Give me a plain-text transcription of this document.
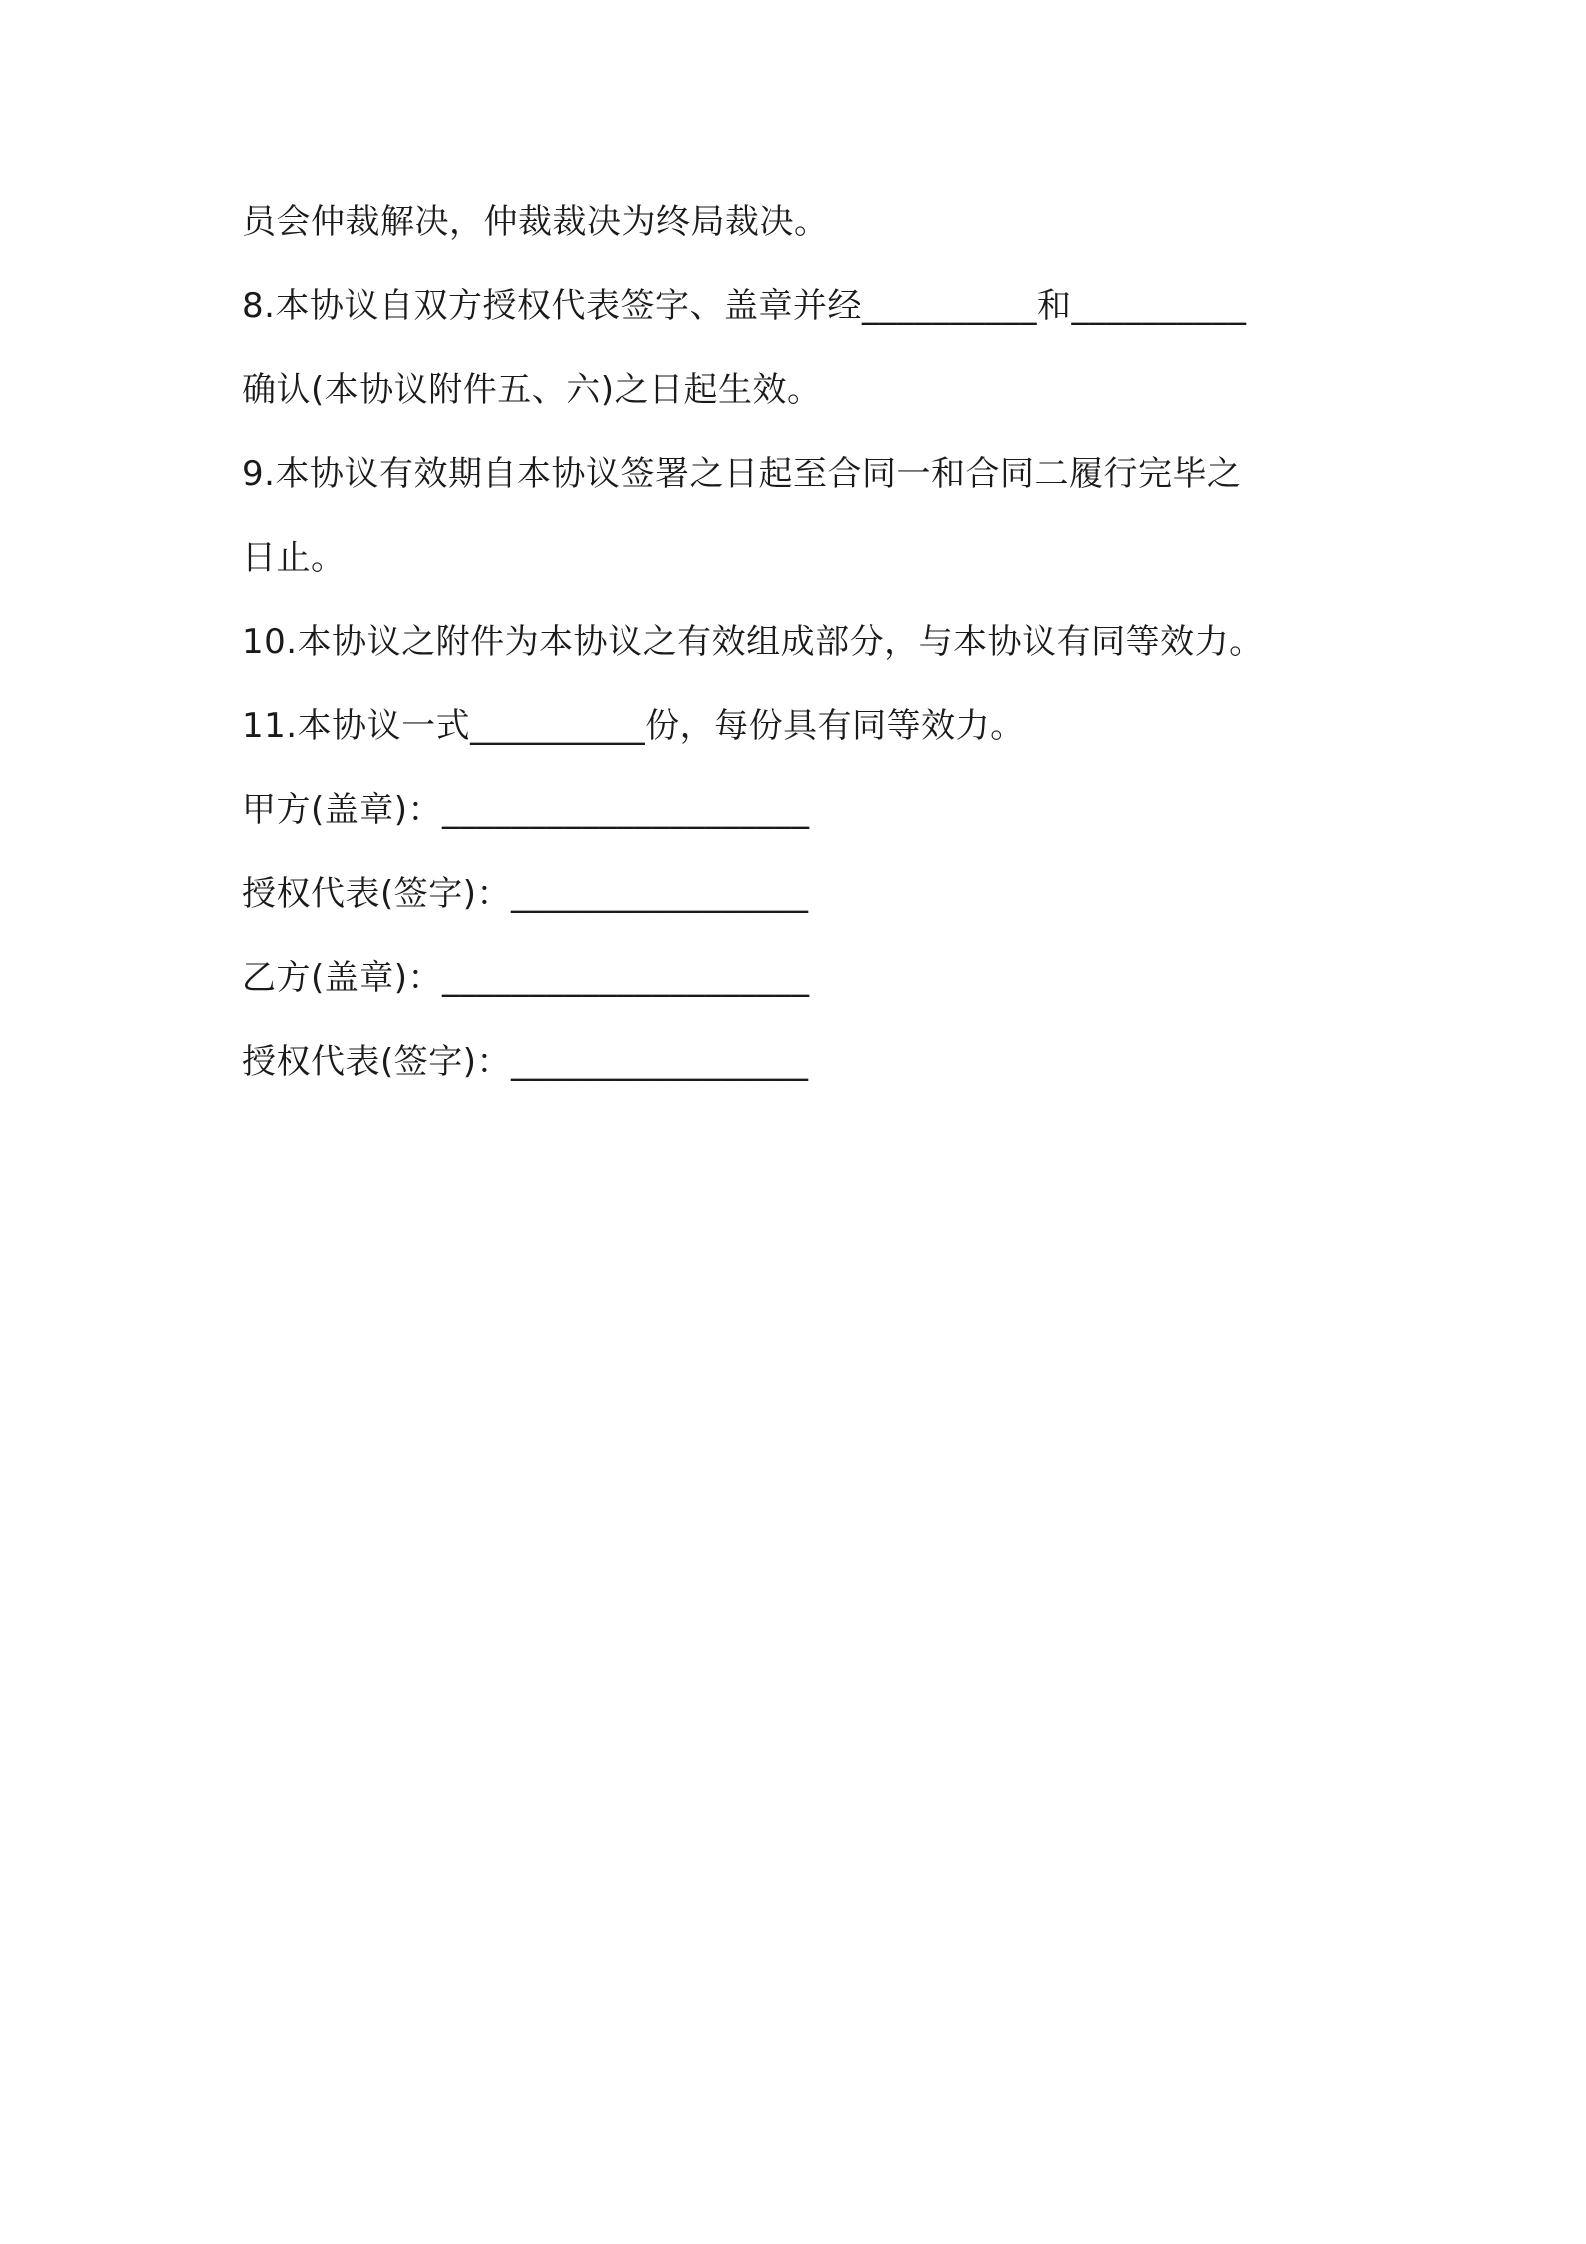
员会仲裁解决，仲裁裁决为终局裁决。
8.本协议自双方授权代表签字、盖章并经__________和__________
确认(本协议附件五、六)之日起生效。
9.本协议有效期自本协议签署之日起至合同一和合同二履行完毕之
日止。
10.本协议之附件为本协议之有效组成部分，与本协议有同等效力。
11.本协议一式__________份，每份具有同等效力。
甲方(盖章)：_____________________
授权代表(签字)：_________________
乙方(盖章)：_____________________
授权代表(签字)：_________________
